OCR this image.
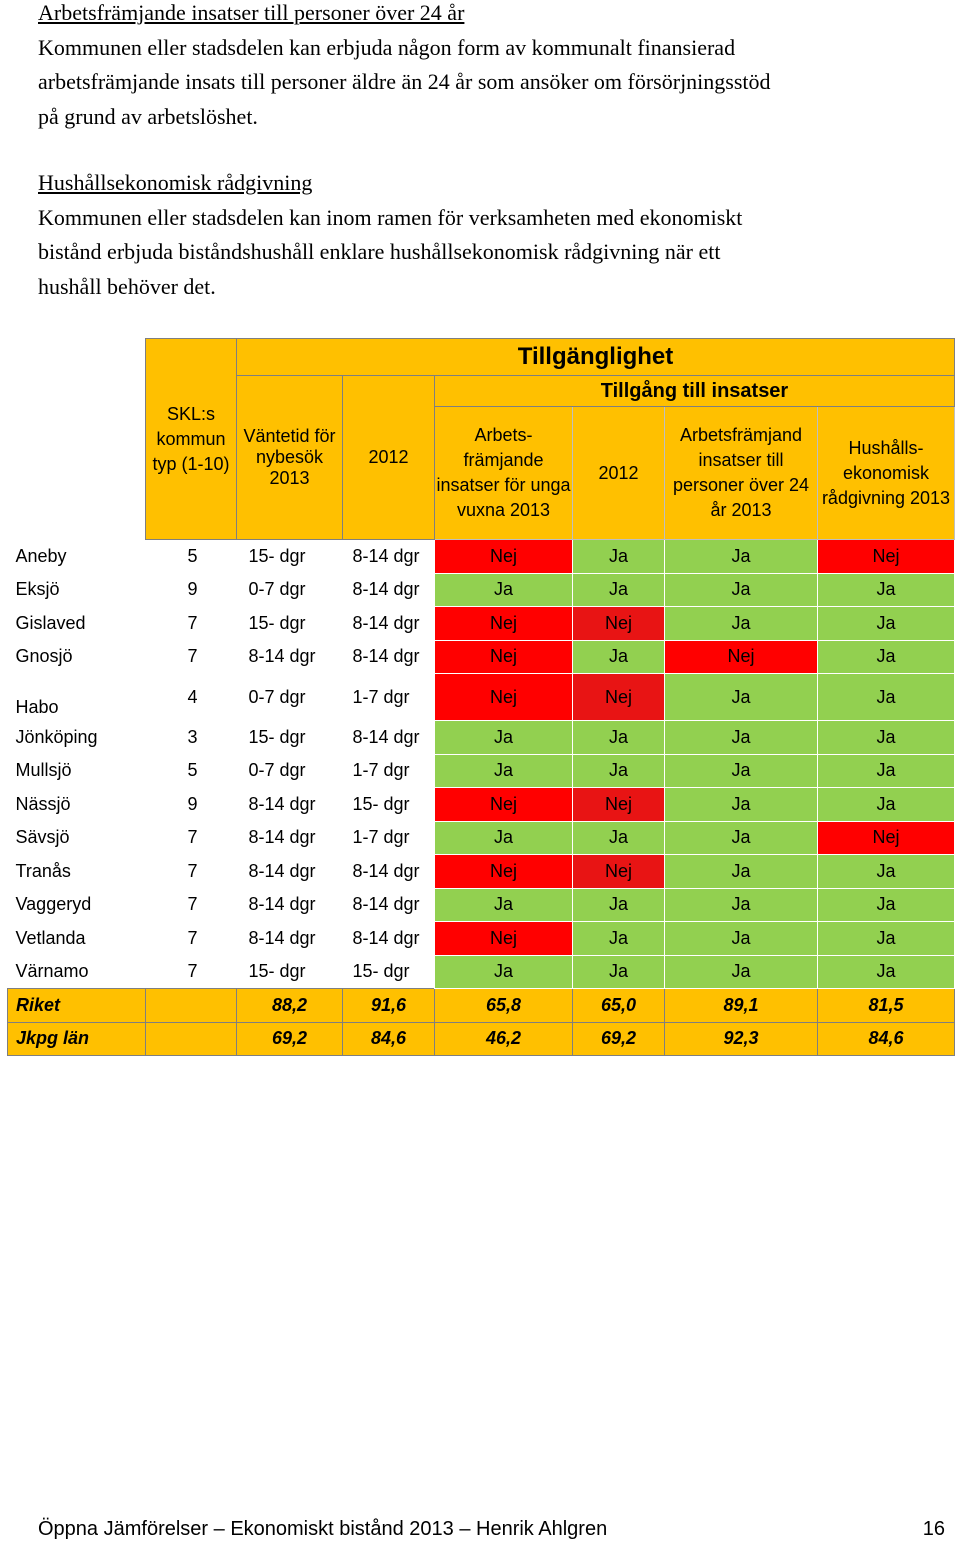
Arbetsfrämjande insatser till personer över 24 år
Kommunen eller stadsdelen kan erbjuda någon form av kommunalt finansierad
arbetsfrämjande insats till personer äldre än 24 år som ansöker om försörjningsstöd
på grund av arbetslöshet.
Hushållsekonomisk rådgivning
Kommunen eller stadsdelen kan inom ramen för verksamheten med ekonomiskt
bistånd erbjuda biståndshushåll enklare hushållsekonomisk rådgivning när ett
hushåll behöver det.
	SKL:s kommun typ (1-10)	Tillgänglighet					
		Väntetid för nybesök 2013	2012	Tillgång till insatser			
				Arbets-främjande insatser för unga vuxna 2013	2012	Arbetsfrämjand insatser till personer över 24 år 2013	Hushålls-ekonomisk rådgivning 2013
Aneby	5	15- dgr	8-14 dgr	Nej	Ja	Ja	Nej
Eksjö	9	0-7 dgr	8-14 dgr	Ja	Ja	Ja	Ja
Gislaved	7	15- dgr	8-14 dgr	Nej	Nej	Ja	Ja
Gnosjö	7	8-14 dgr	8-14 dgr	Nej	Ja	Nej	Ja
Habo	4	0-7 dgr	1-7 dgr	Nej	Nej	Ja	Ja
Jönköping	3	15- dgr	8-14 dgr	Ja	Ja	Ja	Ja
Mullsjö	5	0-7 dgr	1-7 dgr	Ja	Ja	Ja	Ja
Nässjö	9	8-14 dgr	15- dgr	Nej	Nej	Ja	Ja
Sävsjö	7	8-14 dgr	1-7 dgr	Ja	Ja	Ja	Nej
Tranås	7	8-14 dgr	8-14 dgr	Nej	Nej	Ja	Ja
Vaggeryd	7	8-14 dgr	8-14 dgr	Ja	Ja	Ja	Ja
Vetlanda	7	8-14 dgr	8-14 dgr	Nej	Ja	Ja	Ja
Värnamo	7	15- dgr	15- dgr	Ja	Ja	Ja	Ja
Riket		88,2	91,6	65,8	65,0	89,1	81,5
Jkpg län		69,2	84,6	46,2	69,2	92,3	84,6
Öppna Jämförelser – Ekonomiskt bistånd 2013 – Henrik Ahlgren	16
